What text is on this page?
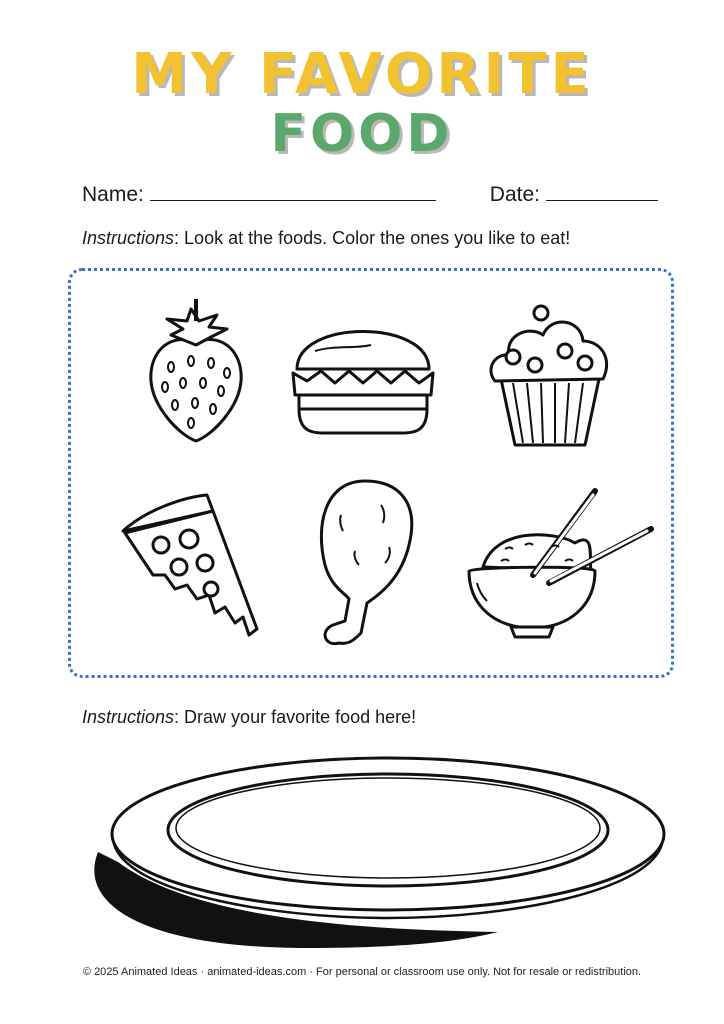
MY FAVORITE
FOOD
Name:	Date:
Instructions: Look at the foods. Color the ones you like to eat!
Instructions: Draw your favorite food here!
© 2025 Animated Ideas · animated-ideas.com · For personal or classroom use only. Not for resale or redistribution.
